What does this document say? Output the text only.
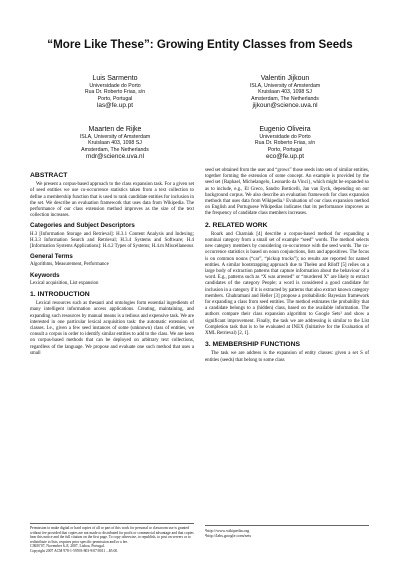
“More Like These”: Growing Entity Classes from Seeds
Luis Sarmento
Universidade do Porto
Rua Dr. Roberto Frias, s/n
Porto, Portugal
las@fe.up.pt
Valentin Jijkoun
ISLA, University of Amsterdam
Kruislaan 403, 1098 SJ
Amsterdam, The Netherlands
jijkoun@science.uva.nl
Maarten de Rijke
ISLA, University of Amsterdam
Kruislaan 403, 1098 SJ
Amsterdam, The Netherlands
mdr@science.uva.nl
Eugenio Oliveira
Universidade do Porto
Rua Dr. Roberto Frias, s/n
Porto, Portugal
eco@fe.up.pt
ABSTRACT

We present a corpus-based approach to the class expansion task. For a given set of seed entities we use co-occurrence statistics taken from a text collection to define a membership function that is used to rank candidate entities for inclusion in the set. We describe an evaluation framework that uses data from Wikipedia. The performance of our class extension method improves as the size of the text collection increases.

Categories and Subject Descriptors

H.3 [Information Storage and Retrieval]: H.3.1 Content Analysis and Indexing; H.3.3 Information Search and Retrieval; H.3.4 Systems and Software; H.4 [Information Systems Applications]: H.4.2 Types of Systems; H.4.m Miscellaneous

General Terms

Algorithms, Measurement, Performance

Keywords

Lexical acquisition, List expansion

1. INTRODUCTION

Lexical resources such as thesauri and ontologies form essential ingredients of many intelligent information access applications. Creating, maintaining, and expanding such resources by manual means is a tedious and expensive task. We are interested in one particular lexical acquisition task: the automatic extension of classes. I.e., given a few seed instances of some (unknown) class of entities, we consult a corpus in order to identify similar entities to add to the class. We are keen on corpus-based methods that can be deployed on arbitrary text collections, regardless of the language. We propose and evaluate one such method that uses a small

Permission to make digital or hard copies of all or part of this work for personal or classroom use is granted without fee provided that copies are not made or distributed for profit or commercial advantage and that copies bear this notice and the full citation on the first page. To copy otherwise, to republish, to post on servers or to redistribute to lists, requires prior specific permission and/or a fee.
CIKM’07, November 6–8, 2007, Lisboa, Portugal.
Copyright 2007 ACM 978-1-59593-803-9/07/0011 ...$5.00.

seed set obtained from the user and “grows” those seeds into sets of similar entities, together forming the extension of some concept. An example is provided by the seed set {Raphael, Michelangelo, Leonardo da Vinci}, which might be expanded so as to include, e.g., El Greco, Sandro Botticelli, Jan van Eyck, depending on our background corpus. We also describe an evaluation framework for class expansion methods that uses data from Wikipedia.¹ Evaluation of our class expansion method on English and Portuguese Wikipedias indicates that its performance improves as the frequency of candidate class members increases.

2. RELATED WORK

Roark and Charniak [4] describe a corpus-based method for expanding a nominal category from a small set of example “seed” words. The method selects new category members by considering co-occurrence with the seed words. The co-occurrence statistics is based on noun conjunctions, lists and appositives. The focus is on common nouns (“car”, “pickup trucks”); no results are reported for named entities. A similar bootstrapping approach due to Thelen and Riloff [5] relies on a large body of extraction patterns that capture information about the behaviour of a word. E.g., patterns such as “X was arrested” or “murdered X” are likely to extract candidates of the category People; a word is considered a good candidate for inclusion in a category if it is extracted by patterns that also extract known category members. Ghahramani and Heller [3] propose a probabilistic Bayesian framework for expanding a class from seed entities. The method estimates the probability that a candidate belongs to a (hidden) class, based on the available information. The authors compare their class expansion algorithm to Google Sets² and show a significant improvement. Finally, the task we are addressing is similar to the List Completion task that is to be evaluated at INEX (Initiative for the Evaluation of XML Retrieval) [2, 1].

3. MEMBERSHIP FUNCTIONS

The task we are address is the expansion of entity classes: given a set S of entities (seeds) that belong to some class

¹http://www.wikipedia.org
²http://labs.google.com/sets
